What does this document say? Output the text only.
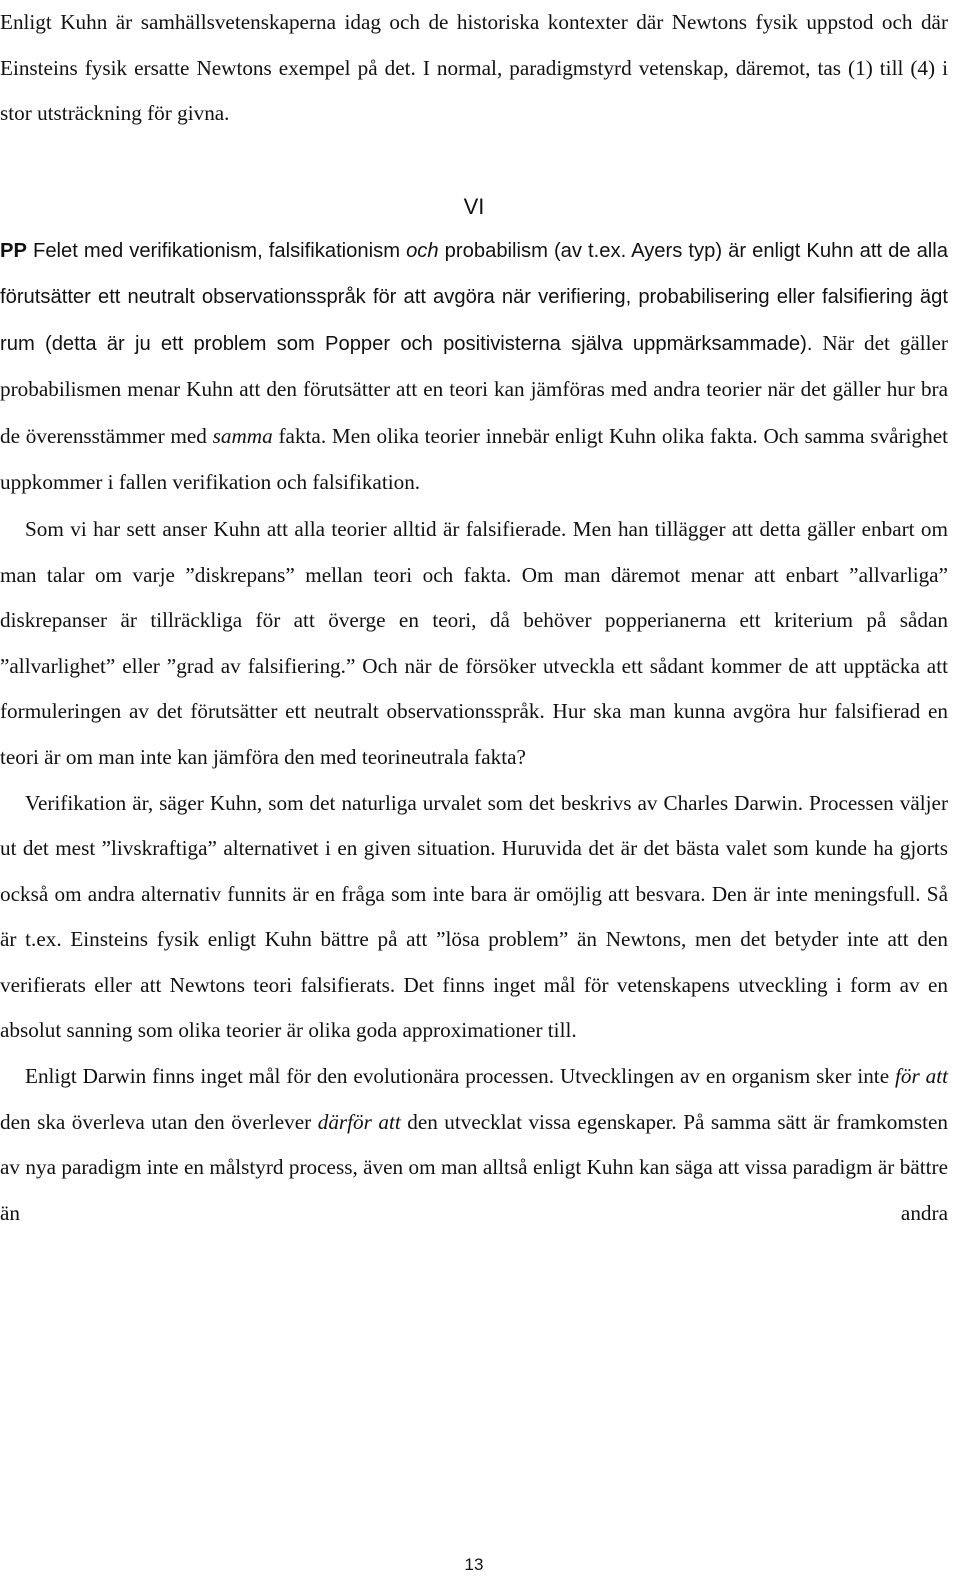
Enligt Kuhn är samhällsvetenskaperna idag och de historiska kontexter där Newtons fysik uppstod och där Einsteins fysik ersatte Newtons exempel på det. I normal, paradigmstyrd vetenskap, däremot, tas (1) till (4) i stor utsträckning för givna.

VI

PP Felet med verifikationism, falsifikationism och probabilism (av t.ex. Ayers typ) är enligt Kuhn att de alla förutsätter ett neutralt observationsspråk för att avgöra när verifiering, probabilisering eller falsifiering ägt rum (detta är ju ett problem som Popper och positivisterna själva uppmärksammade). När det gäller probabilismen menar Kuhn att den förutsätter att en teori kan jämföras med andra teorier när det gäller hur bra de överensstämmer med samma fakta. Men olika teorier innebär enligt Kuhn olika fakta. Och samma svårighet uppkommer i fallen verifikation och falsifikation.

Som vi har sett anser Kuhn att alla teorier alltid är falsifierade. Men han tillägger att detta gäller enbart om man talar om varje ”diskrepans” mellan teori och fakta. Om man däremot menar att enbart ”allvarliga” diskrepanser är tillräckliga för att överge en teori, då behöver popperianerna ett kriterium på sådan ”allvarlighet” eller ”grad av falsifiering.” Och när de försöker utveckla ett sådant kommer de att upptäcka att formuleringen av det förutsätter ett neutralt observationsspråk. Hur ska man kunna avgöra hur falsifierad en teori är om man inte kan jämföra den med teorineutrala fakta?

Verifikation är, säger Kuhn, som det naturliga urvalet som det beskrivs av Charles Darwin. Processen väljer ut det mest ”livskraftiga” alternativet i en given situation. Huruvida det är det bästa valet som kunde ha gjorts också om andra alternativ funnits är en fråga som inte bara är omöjlig att besvara. Den är inte meningsfull. Så är t.ex. Einsteins fysik enligt Kuhn bättre på att ”lösa problem” än Newtons, men det betyder inte att den verifierats eller att Newtons teori falsifierats. Det finns inget mål för vetenskapens utveckling i form av en absolut sanning som olika teorier är olika goda approximationer till.

Enligt Darwin finns inget mål för den evolutionära processen. Utvecklingen av en organism sker inte för att den ska överleva utan den överlever därför att den utvecklat vissa egenskaper. På samma sätt är framkomsten av nya paradigm inte en målstyrd process, även om man alltså enligt Kuhn kan säga att vissa paradigm är bättre än andra

13
